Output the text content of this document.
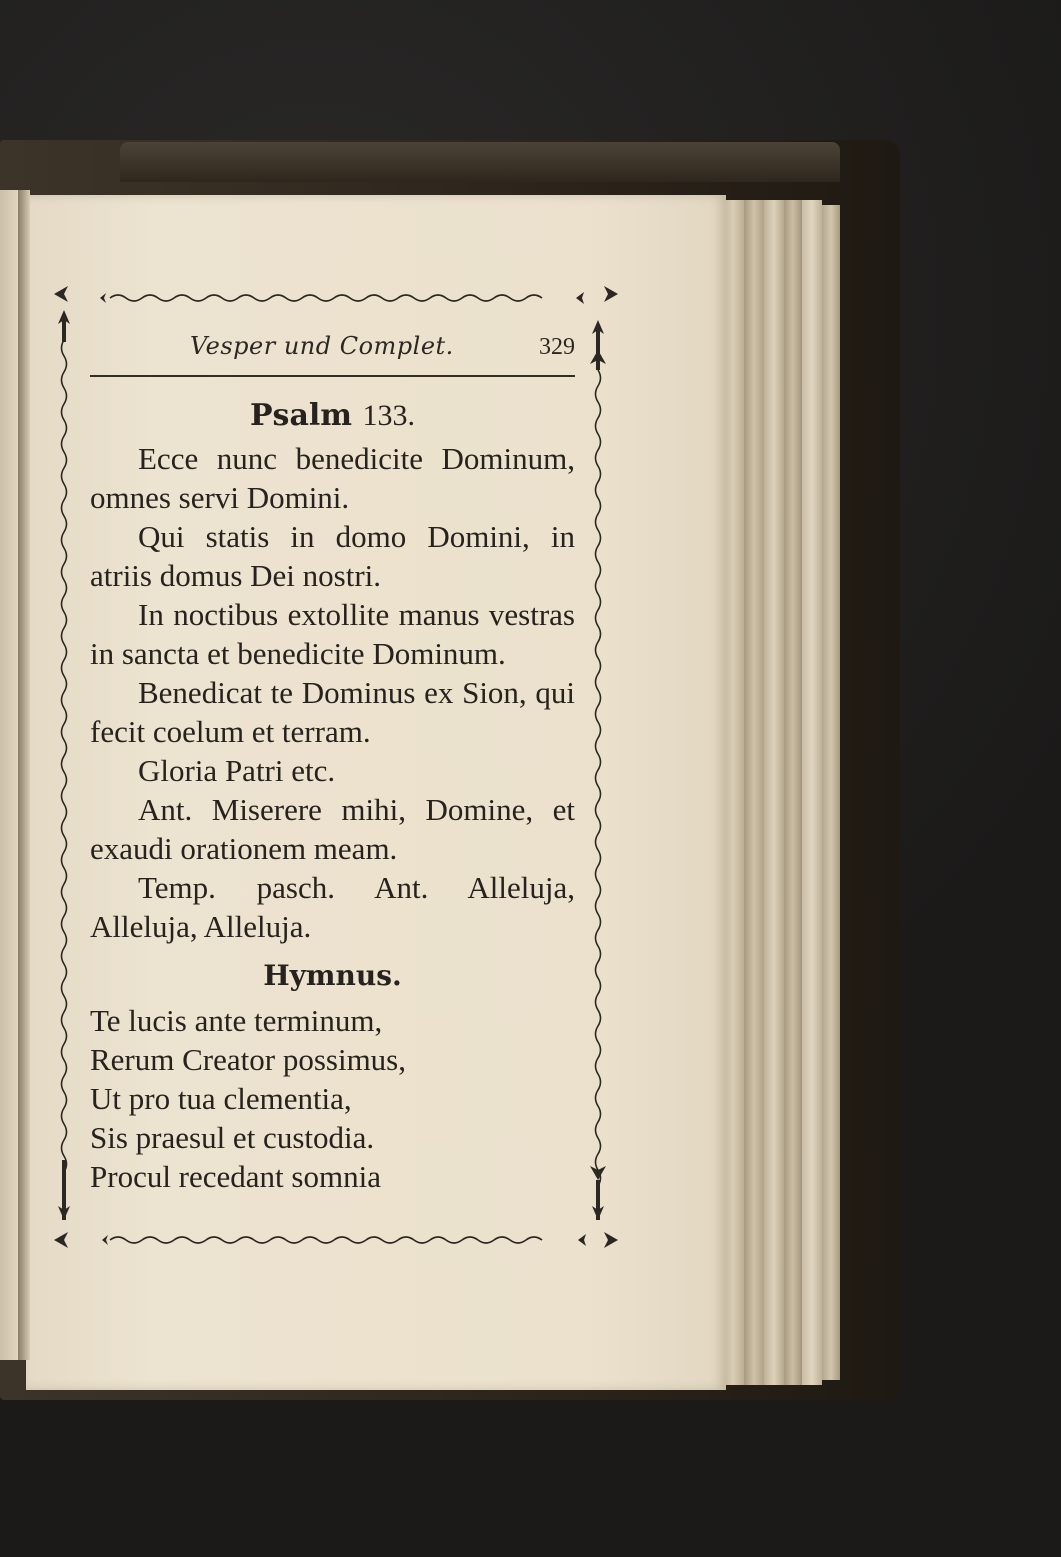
Vesper und Complet.	329
Psalm 133.

Ecce nunc benedicite Dominum, omnes servi Domini.

Qui statis in domo Domini, in atriis domus Dei nostri.

In noctibus extollite manus vestras in sancta et benedicite Dominum.

Benedicat te Dominus ex Sion, qui fecit coelum et terram.

Gloria Patri etc.

Ant. Miserere mihi, Domine, et exaudi orationem meam.

Temp. pasch. Ant. Alleluja, Alleluja, Alleluja.

Hymnus.

Te lucis ante terminum,
Rerum Creator possimus,
Ut pro tua clementia,
Sis praesul et custodia.
Procul recedant somnia
